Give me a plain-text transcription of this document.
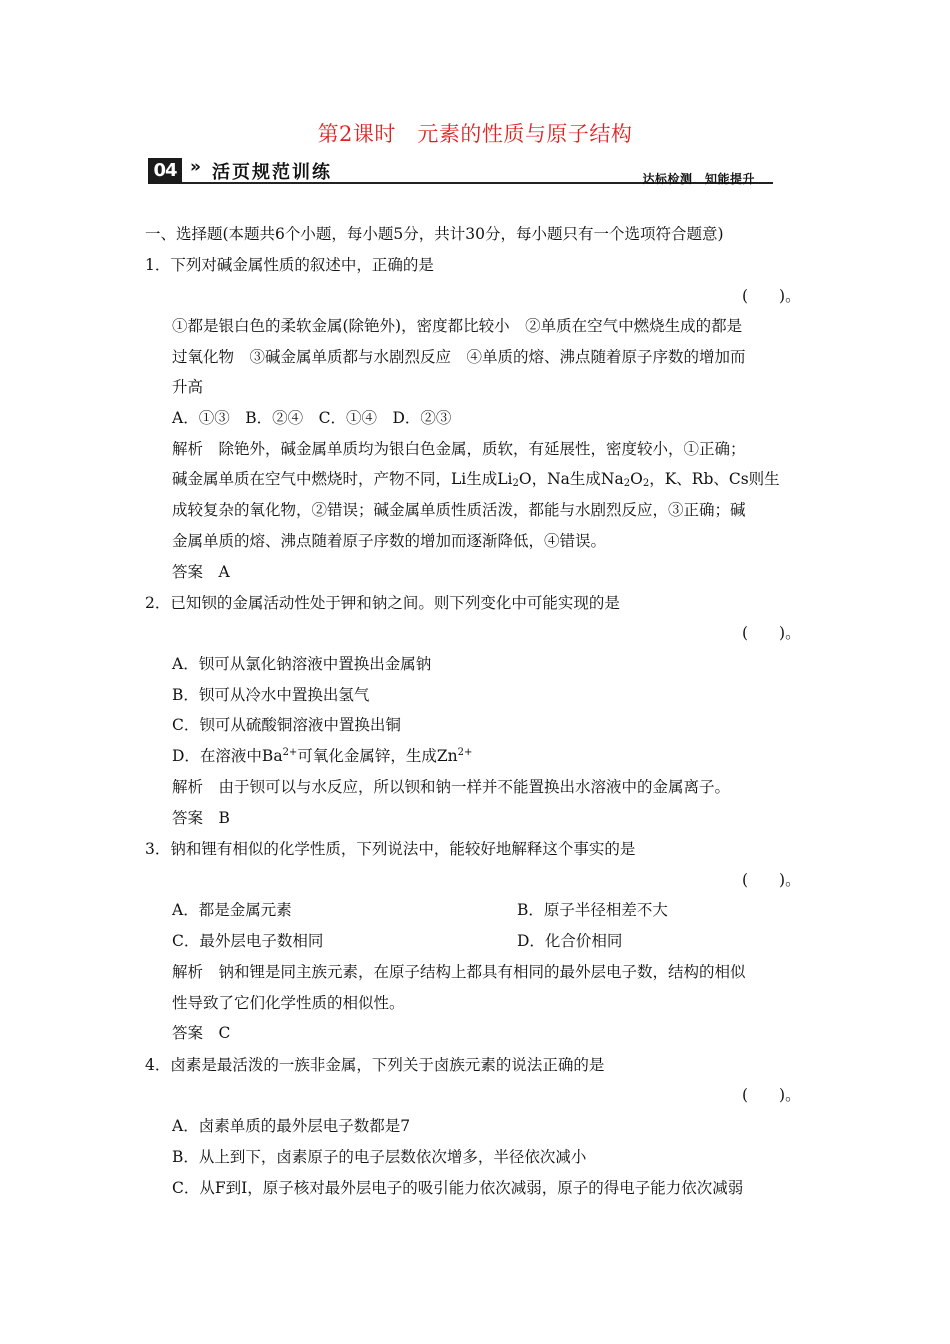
第2课时　元素的性质与原子结构
04 » 活页规范训练	达标检测　知能提升
一、选择题(本题共6个小题，每小题5分，共计30分，每小题只有一个选项符合题意)
1．下列对碱金属性质的叙述中，正确的是
(　　)。
①都是银白色的柔软金属(除铯外)，密度都比较小　②单质在空气中燃烧生成的都是
过氧化物　③碱金属单质都与水剧烈反应　④单质的熔、沸点随着原子序数的增加而
升高
A．①③　B．②④　C．①④　D．②③
解析　除铯外，碱金属单质均为银白色金属，质软，有延展性，密度较小，①正确；
碱金属单质在空气中燃烧时，产物不同，Li生成$Li_2O$，Na生成$Na_2O_2$，K、Rb、Cs则生
成较复杂的氧化物，②错误；碱金属单质性质活泼，都能与水剧烈反应，③正确；碱
金属单质的熔、沸点随着原子序数的增加而逐渐降低，④错误。
答案　A
2．已知钡的金属活动性处于钾和钠之间。则下列变化中可能实现的是
(　　)。
A．钡可从氯化钠溶液中置换出金属钠
B．钡可从冷水中置换出氢气
C．钡可从硫酸铜溶液中置换出铜
D．在溶液中$Ba^{2+}$可氧化金属锌，生成$Zn^{2+}$
解析　由于钡可以与水反应，所以钡和钠一样并不能置换出水溶液中的金属离子。
答案　B
3．钠和锂有相似的化学性质，下列说法中，能较好地解释这个事实的是
(　　)。
A．都是金属元素	B．原子半径相差不大
C．最外层电子数相同	D．化合价相同
解析　钠和锂是同主族元素，在原子结构上都具有相同的最外层电子数，结构的相似
性导致了它们化学性质的相似性。
答案　C
4．卤素是最活泼的一族非金属，下列关于卤族元素的说法正确的是
(　　)。
A．卤素单质的最外层电子数都是7
B．从上到下，卤素原子的电子层数依次增多，半径依次减小
C．从F到I，原子核对最外层电子的吸引能力依次减弱，原子的得电子能力依次减弱
